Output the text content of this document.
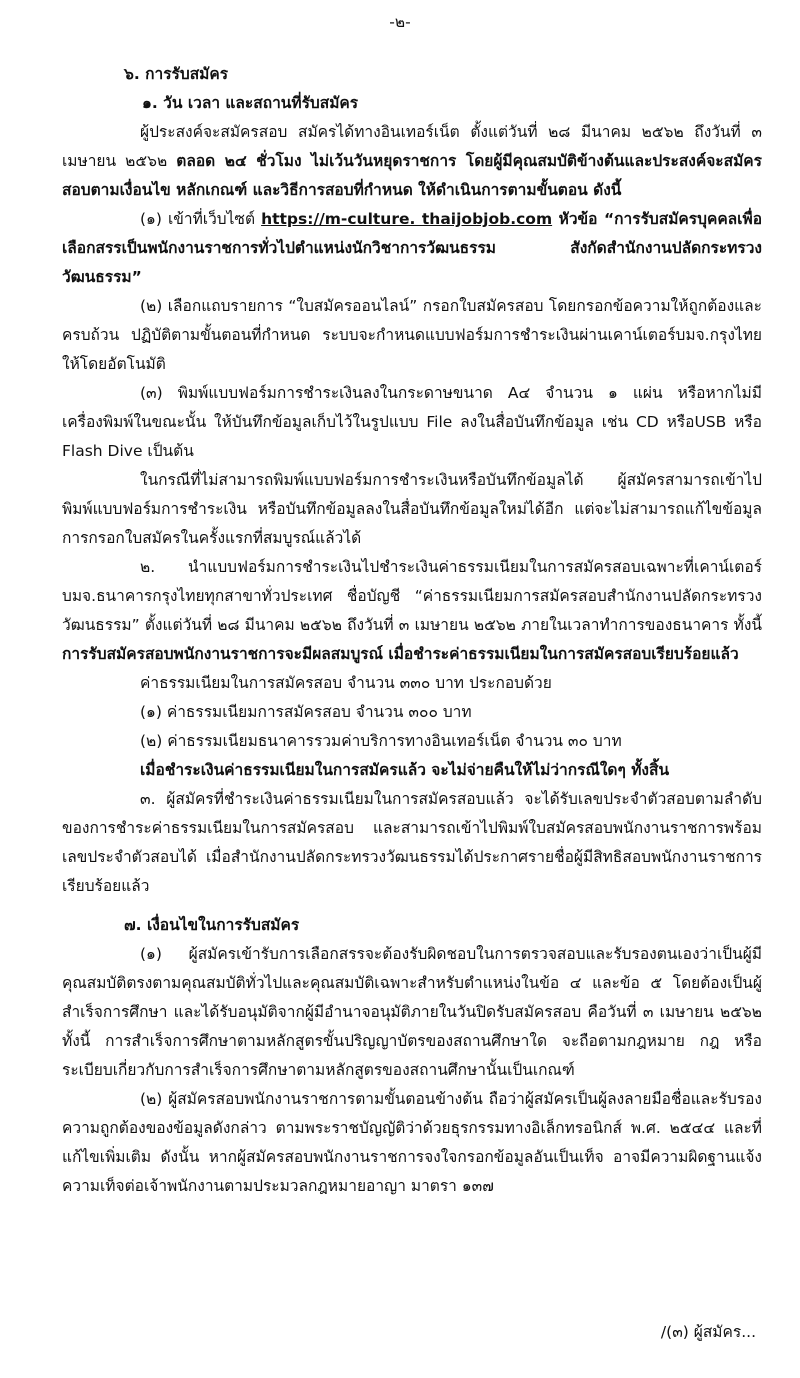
-๒-

๖. การรับสมัคร

๑. วัน เวลา และสถานที่รับสมัคร

ผู้ประสงค์จะสมัครสอบ สมัครได้ทางอินเทอร์เน็ต ตั้งแต่วันที่ ๒๘ มีนาคม ๒๕๖๒ ถึงวันที่ ๓ เมษายน ๒๕๖๒ ตลอด ๒๔ ชั่วโมง ไม่เว้นวันหยุดราชการ โดยผู้มีคุณสมบัติข้างต้นและประสงค์จะสมัครสอบตามเงื่อนไข หลักเกณฑ์ และวิธีการสอบที่กำหนด ให้ดำเนินการตามขั้นตอน ดังนี้

(๑) เข้าที่เว็บไซต์ https://m-culture. thaijobjob.com หัวข้อ “การรับสมัครบุคคลเพื่อเลือกสรรเป็นพนักงานราชการทั่วไปตำแหน่งนักวิชาการวัฒนธรรม สังกัดสำนักงานปลัดกระทรวงวัฒนธรรม”

(๒) เลือกแถบรายการ “ใบสมัครออนไลน์” กรอกใบสมัครสอบ โดยกรอกข้อความให้ถูกต้องและครบถ้วน ปฏิบัติตามขั้นตอนที่กำหนด ระบบจะกำหนดแบบฟอร์มการชำระเงินผ่านเคาน์เตอร์บมจ.กรุงไทยให้โดยอัตโนมัติ

(๓) พิมพ์แบบฟอร์มการชำระเงินลงในกระดาษขนาด A๔ จำนวน ๑ แผ่น หรือหากไม่มีเครื่องพิมพ์ในขณะนั้น ให้บันทึกข้อมูลเก็บไว้ในรูปแบบ File ลงในสื่อบันทึกข้อมูล เช่น CD หรือUSB หรือ Flash Dive เป็นต้น

ในกรณีที่ไม่สามารถพิมพ์แบบฟอร์มการชำระเงินหรือบันทึกข้อมูลได้ ผู้สมัครสามารถเข้าไปพิมพ์แบบฟอร์มการชำระเงิน หรือบันทึกข้อมูลลงในสื่อบันทึกข้อมูลใหม่ได้อีก แต่จะไม่สามารถแก้ไขข้อมูลการกรอกใบสมัครในครั้งแรกที่สมบูรณ์แล้วได้

๒. นำแบบฟอร์มการชำระเงินไปชำระเงินค่าธรรมเนียมในการสมัครสอบเฉพาะที่เคาน์เตอร์ บมจ.ธนาคารกรุงไทยทุกสาขาทั่วประเทศ ชื่อบัญชี “ค่าธรรมเนียมการสมัครสอบสำนักงานปลัดกระทรวงวัฒนธรรม” ตั้งแต่วันที่ ๒๘ มีนาคม ๒๕๖๒ ถึงวันที่ ๓ เมษายน ๒๕๖๒ ภายในเวลาทำการของธนาคาร ทั้งนี้ การรับสมัครสอบพนักงานราชการจะมีผลสมบูรณ์ เมื่อชำระค่าธรรมเนียมในการสมัครสอบเรียบร้อยแล้ว

ค่าธรรมเนียมในการสมัครสอบ จำนวน ๓๓๐ บาท ประกอบด้วย

(๑) ค่าธรรมเนียมการสมัครสอบ จำนวน ๓๐๐ บาท

(๒) ค่าธรรมเนียมธนาคารรวมค่าบริการทางอินเทอร์เน็ต จำนวน ๓๐ บาท

เมื่อชำระเงินค่าธรรมเนียมในการสมัครแล้ว จะไม่จ่ายคืนให้ไม่ว่ากรณีใดๆ ทั้งสิ้น

๓. ผู้สมัครที่ชำระเงินค่าธรรมเนียมในการสมัครสอบแล้ว จะได้รับเลขประจำตัวสอบตามลำดับของการชำระค่าธรรมเนียมในการสมัครสอบ และสามารถเข้าไปพิมพ์ใบสมัครสอบพนักงานราชการพร้อมเลขประจำตัวสอบได้ เมื่อสำนักงานปลัดกระทรวงวัฒนธรรมได้ประกาศรายชื่อผู้มีสิทธิสอบพนักงานราชการเรียบร้อยแล้ว

๗. เงื่อนไขในการรับสมัคร

(๑) ผู้สมัครเข้ารับการเลือกสรรจะต้องรับผิดชอบในการตรวจสอบและรับรองตนเองว่าเป็นผู้มีคุณสมบัติตรงตามคุณสมบัติทั่วไปและคุณสมบัติเฉพาะสำหรับตำแหน่งในข้อ ๔ และข้อ ๕ โดยต้องเป็นผู้สำเร็จการศึกษา และได้รับอนุมัติจากผู้มีอำนาจอนุมัติภายในวันปิดรับสมัครสอบ คือวันที่ ๓ เมษายน ๒๕๖๒ ทั้งนี้ การสำเร็จการศึกษาตามหลักสูตรขั้นปริญญาบัตรของสถานศึกษาใด จะถือตามกฎหมาย กฎ หรือระเบียบเกี่ยวกับการสำเร็จการศึกษาตามหลักสูตรของสถานศึกษานั้นเป็นเกณฑ์

(๒) ผู้สมัครสอบพนักงานราชการตามขั้นตอนข้างต้น ถือว่าผู้สมัครเป็นผู้ลงลายมือชื่อและรับรองความถูกต้องของข้อมูลดังกล่าว ตามพระราชบัญญัติว่าด้วยธุรกรรมทางอิเล็กทรอนิกส์ พ.ศ. ๒๕๔๔ และที่แก้ไขเพิ่มเติม ดังนั้น หากผู้สมัครสอบพนักงานราชการจงใจกรอกข้อมูลอันเป็นเท็จ อาจมีความผิดฐานแจ้งความเท็จต่อเจ้าพนักงานตามประมวลกฎหมายอาญา มาตรา ๑๓๗

/(๓) ผู้สมัคร...
